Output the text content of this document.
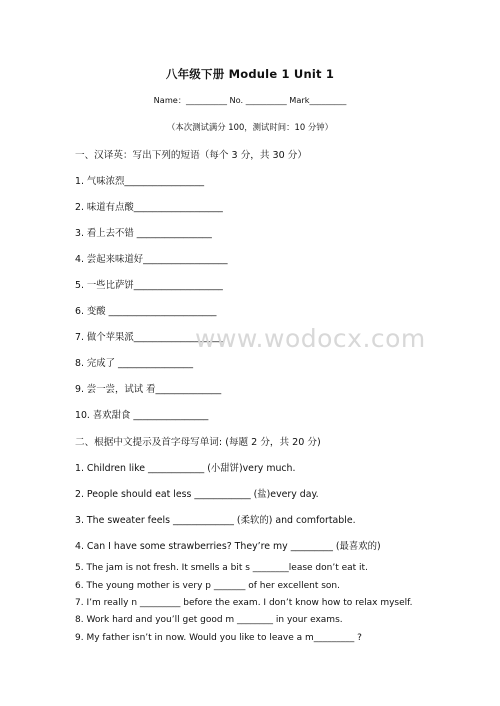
八年级下册 Module 1 Unit 1
Name：__________ No. __________ Mark_________
（本次测试满分 100，测试时间：10 分钟）
一、汉译英：写出下列的短语（每个 3 分，共 30 分）
1. 气味浓烈_________________
2. 味道有点酸___________________
3. 看上去不错 ________________
4. 尝起来味道好__________________
5. 一些比萨饼___________________
6. 变酸 _______________________
7. 做个苹果派___________________
8. 完成了 ________________
9. 尝一尝，试试 看______________
10. 喜欢甜食 ________________
二、根据中文提示及首字母写单词: (每题 2 分，共 20 分)
1. Children like ____________ (小甜饼)very much.
2. People should eat less ____________ (盐)every day.
3. The sweater feels _____________ (柔软的) and comfortable.
4. Can I have some strawberries? They’re my _________ (最喜欢的)
5. The jam is not fresh. It smells a bit s ________lease don’t eat it.
6. The young mother is very p _______ of her excellent son.
7. I’m really n _________ before the exam. I don’t know how to relax myself.
8. Work hard and you’ll get good m ________ in your exams.
9. My father isn’t in now. Would you like to leave a m_________ ?
www.wodocx.com
